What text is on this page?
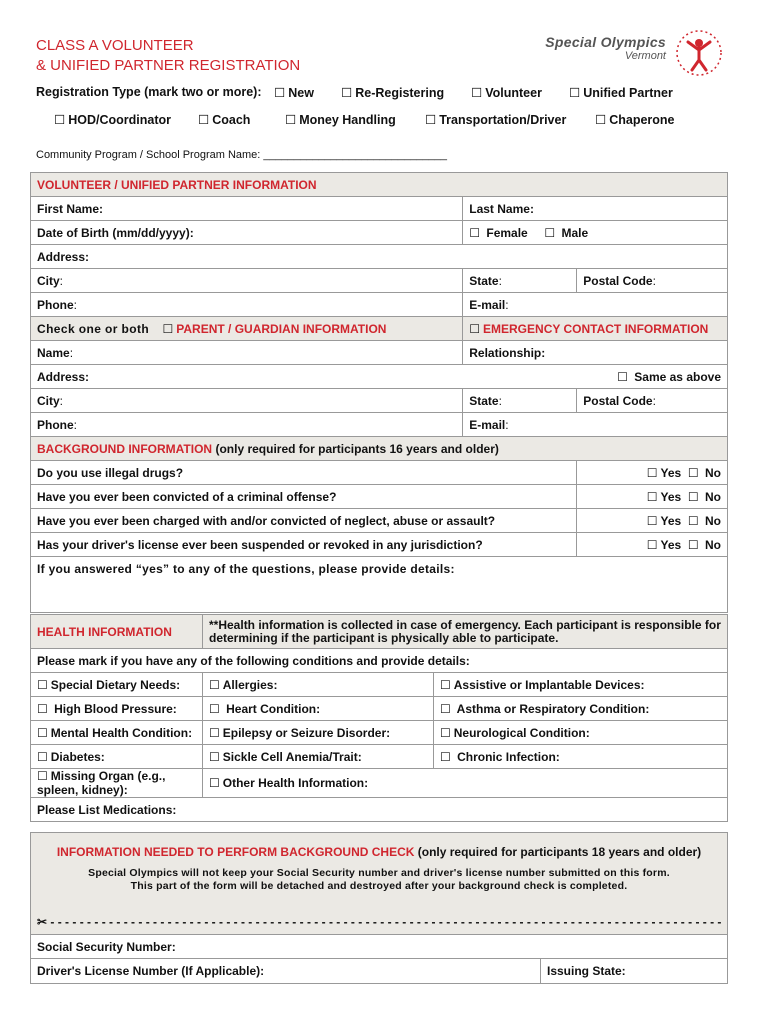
CLASS A VOLUNTEER
& UNIFIED PARTNER REGISTRATION
Special Olympics
Vermont
Registration Type (mark two or more): ☐ New ☐ Re-Registering ☐ Volunteer ☐ Unified Partner
☐ HOD/Coordinator ☐ Coach	☐ Money Handling ☐ Transportation/Driver ☐ Chaperone
Community Program / School Program Name: ______________________________
VOLUNTEER / UNIFIED PARTNER INFORMATION		
First Name:	Last Name:	
Date of Birth (mm/dd/yyyy):	☐ Female ☐ Male	
Address:		
City:	State:	Postal Code:
Phone:	E-mail:	
Check one or both ☐ PARENT / GUARDIAN INFORMATION	☐ EMERGENCY CONTACT INFORMATION	
Name:	Relationship:	
Address: ☐ Same as above		

City:	State:	Postal Code:
Phone:	E-mail:	
BACKGROUND INFORMATION (only required for participants 16 years and older)		
Do you use illegal drugs?		☐ Yes ☐ No
Have you ever been convicted of a criminal offense?		☐ Yes ☐ No
Have you ever been charged with and/or convicted of neglect, abuse or assault?		☐ Yes ☐ No
Has your driver's license ever been suspended or revoked in any jurisdiction?		☐ Yes ☐ No
If you answered “yes” to any of the questions, please provide details:		
HEALTH INFORMATION	**Health information is collected in case of emergency. Each participant is responsible for
determining if the participant is physically able to participate.	

Please mark if you have any of the following conditions and provide details:		
☐ Special Dietary Needs:	☐ Allergies:	☐ Assistive or Implantable Devices:
☐ High Blood Pressure:	☐ Heart Condition:	☐ Asthma or Respiratory Condition:
☐ Mental Health Condition:	☐ Epilepsy or Seizure Disorder:	☐ Neurological Condition:
☐ Diabetes:	☐ Sickle Cell Anemia/Trait:	☐ Chronic Infection:
☐ Missing Organ (e.g., spleen, kidney):	☐ Other Health Information:	
Please List Medications:		
INFORMATION NEEDED TO PERFORM BACKGROUND CHECK (only required for participants 18 years and older)
Special Olympics will not keep your Social Security number and driver's license number submitted on this form.
This part of the form will be detached and destroyed after your background check is completed.
✂ - - - - - - - - - - - - - - - - - - - - - - - - - - - - - - - - - - - - - - - - - - - - - - - - - - - - - - - - - - - - - - - - - - - - - - - - - - - - - - - - - - - - - - - - - - - -
Social Security Number:
Driver's License Number (If Applicable):	Issuing State:
